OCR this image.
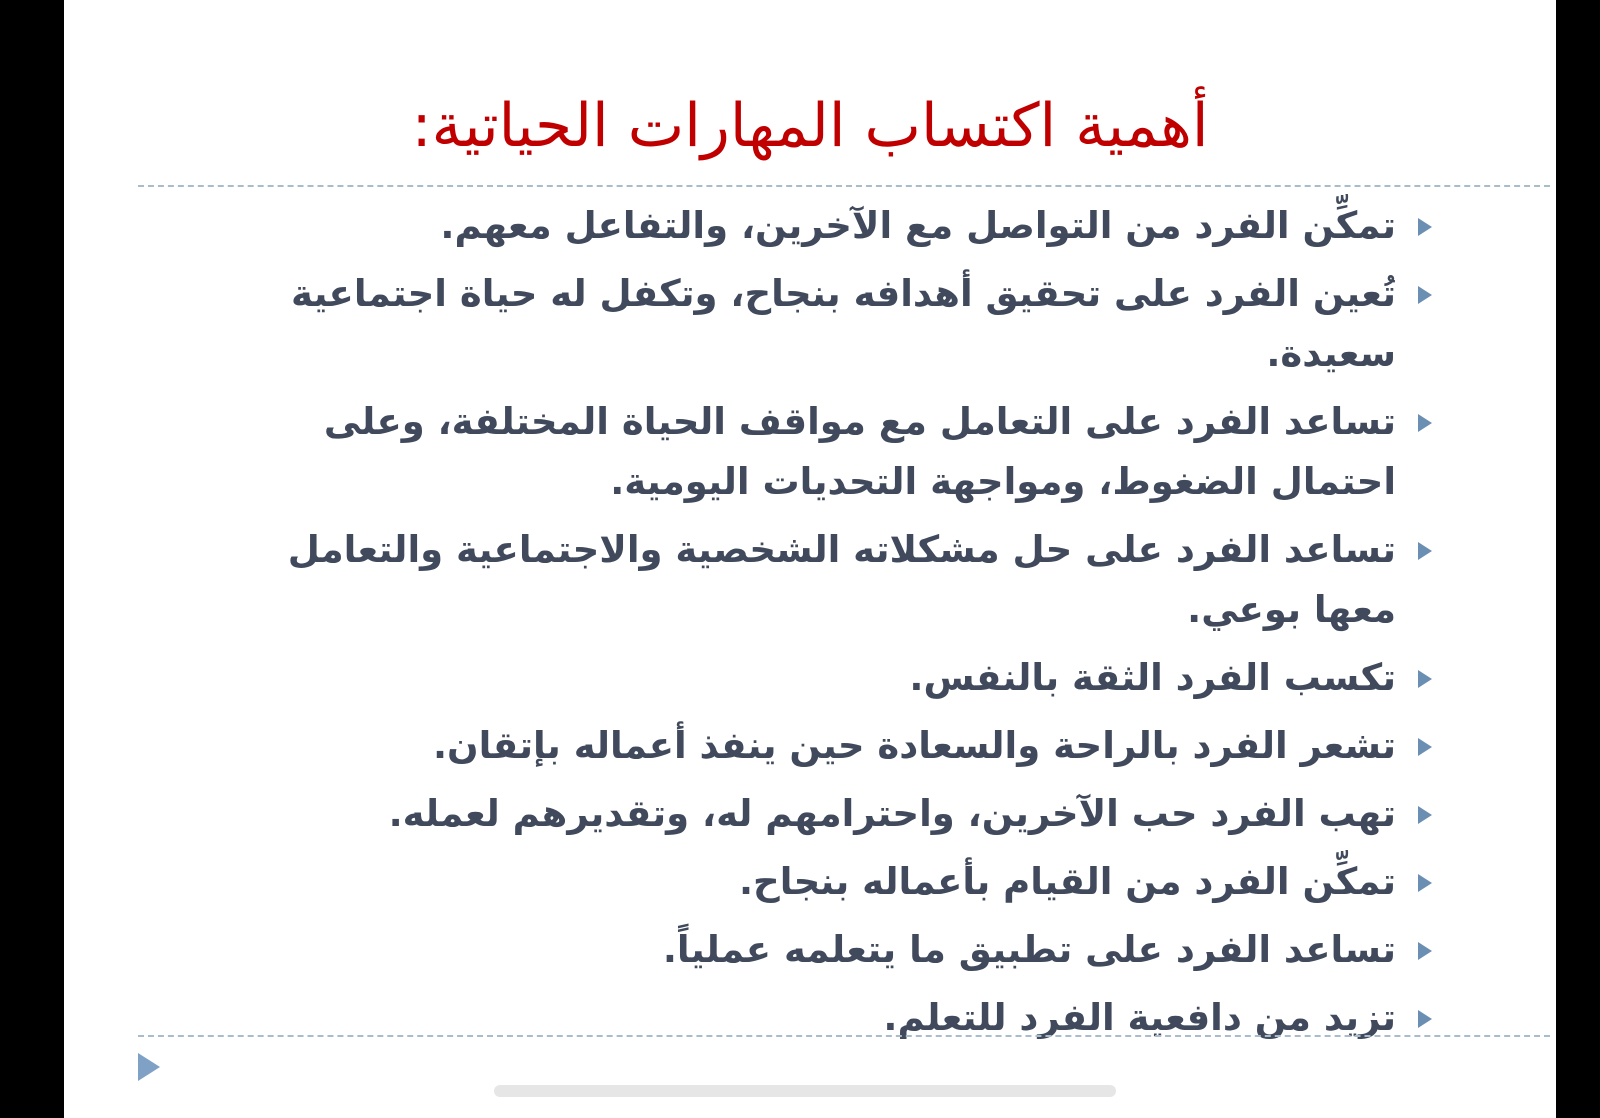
أهمية اكتساب المهارات الحياتية:
تمكِّن الفرد من التواصل مع الآخرين، والتفاعل معهم.
تُعين الفرد على تحقيق أهدافه بنجاح، وتكفل له حياة اجتماعية سعيدة.
تساعد الفرد على التعامل مع مواقف الحياة المختلفة، وعلى احتمال الضغوط، ومواجهة التحديات اليومية.
تساعد الفرد على حل مشكلاته الشخصية والاجتماعية والتعامل معها بوعي.
تكسب الفرد الثقة بالنفس.
تشعر الفرد بالراحة والسعادة حين ينفذ أعماله بإتقان.
تهب الفرد حب الآخرين، واحترامهم له، وتقديرهم لعمله.
تمكِّن الفرد من القيام بأعماله بنجاح.
تساعد الفرد على تطبيق ما يتعلمه عملياً.
تزيد من دافعية الفرد للتعلم.
